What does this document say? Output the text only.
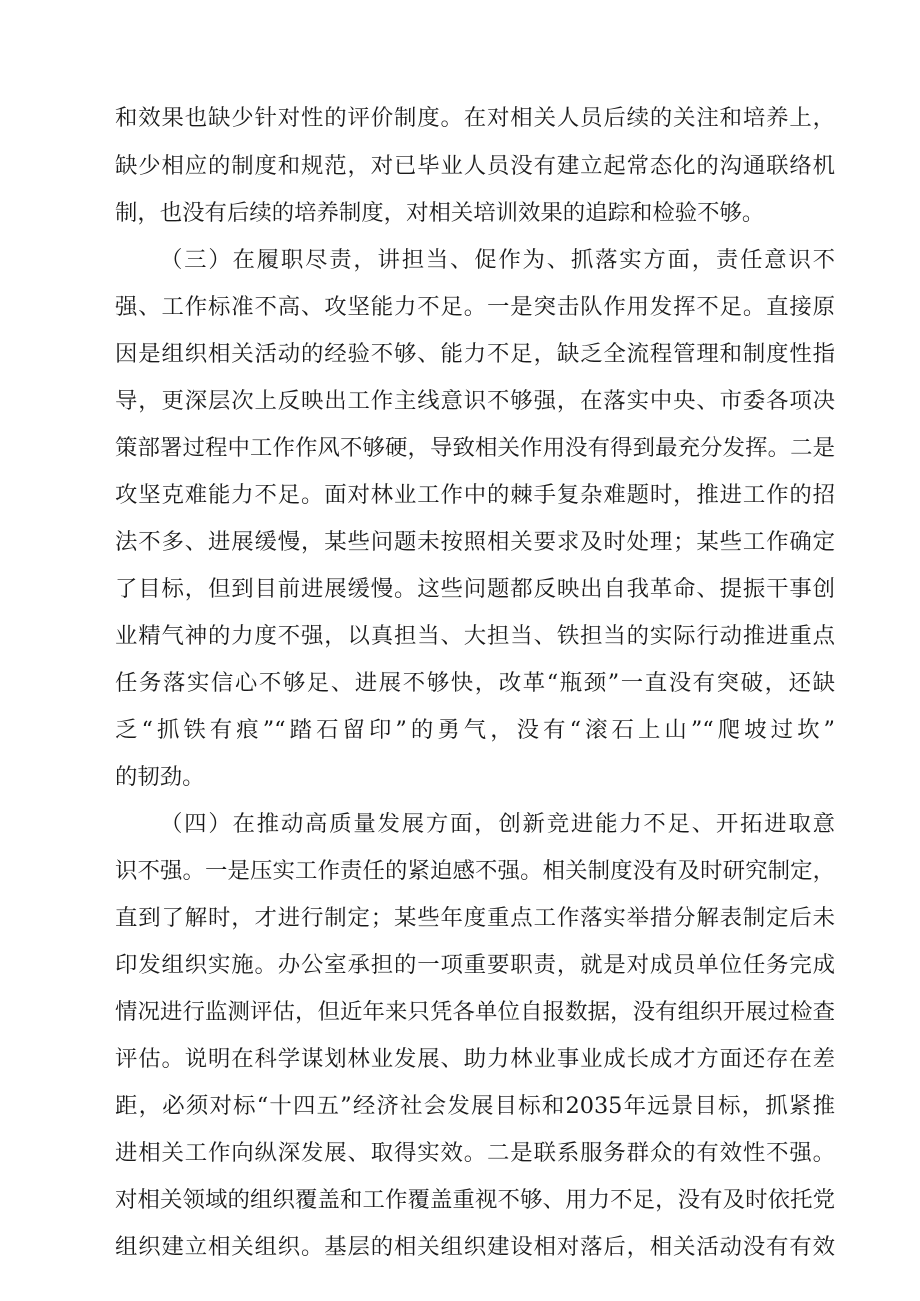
和效果也缺少针对性的评价制度。在对相关人员后续的关注和培养上，
缺少相应的制度和规范，对已毕业人员没有建立起常态化的沟通联络机
制，也没有后续的培养制度，对相关培训效果的追踪和检验不够。
（三）在履职尽责，讲担当、促作为、抓落实方面，责任意识不
强、工作标准不高、攻坚能力不足。一是突击队作用发挥不足。直接原
因是组织相关活动的经验不够、能力不足，缺乏全流程管理和制度性指
导，更深层次上反映出工作主线意识不够强，在落实中央、市委各项决
策部署过程中工作作风不够硬，导致相关作用没有得到最充分发挥。二是
攻坚克难能力不足。面对林业工作中的棘手复杂难题时，推进工作的招
法不多、进展缓慢，某些问题未按照相关要求及时处理；某些工作确定
了目标，但到目前进展缓慢。这些问题都反映出自我革命、提振干事创
业精气神的力度不强，以真担当、大担当、铁担当的实际行动推进重点
任务落实信心不够足、进展不够快，改革“瓶颈”一直没有突破，还缺
乏“抓铁有痕”“踏石留印”的勇气，没有“滚石上山”“爬坡过坎”
的韧劲。
（四）在推动高质量发展方面，创新竞进能力不足、开拓进取意
识不强。一是压实工作责任的紧迫感不强。相关制度没有及时研究制定，
直到了解时，才进行制定；某些年度重点工作落实举措分解表制定后未
印发组织实施。办公室承担的一项重要职责，就是对成员单位任务完成
情况进行监测评估，但近年来只凭各单位自报数据，没有组织开展过检查
评估。说明在科学谋划林业发展、助力林业事业成长成才方面还存在差
距，必须对标“十四五”经济社会发展目标和2035年远景目标，抓紧推
进相关工作向纵深发展、取得实效。二是联系服务群众的有效性不强。
对相关领域的组织覆盖和工作覆盖重视不够、用力不足，没有及时依托党
组织建立相关组织。基层的相关组织建设相对落后，相关活动没有有效
